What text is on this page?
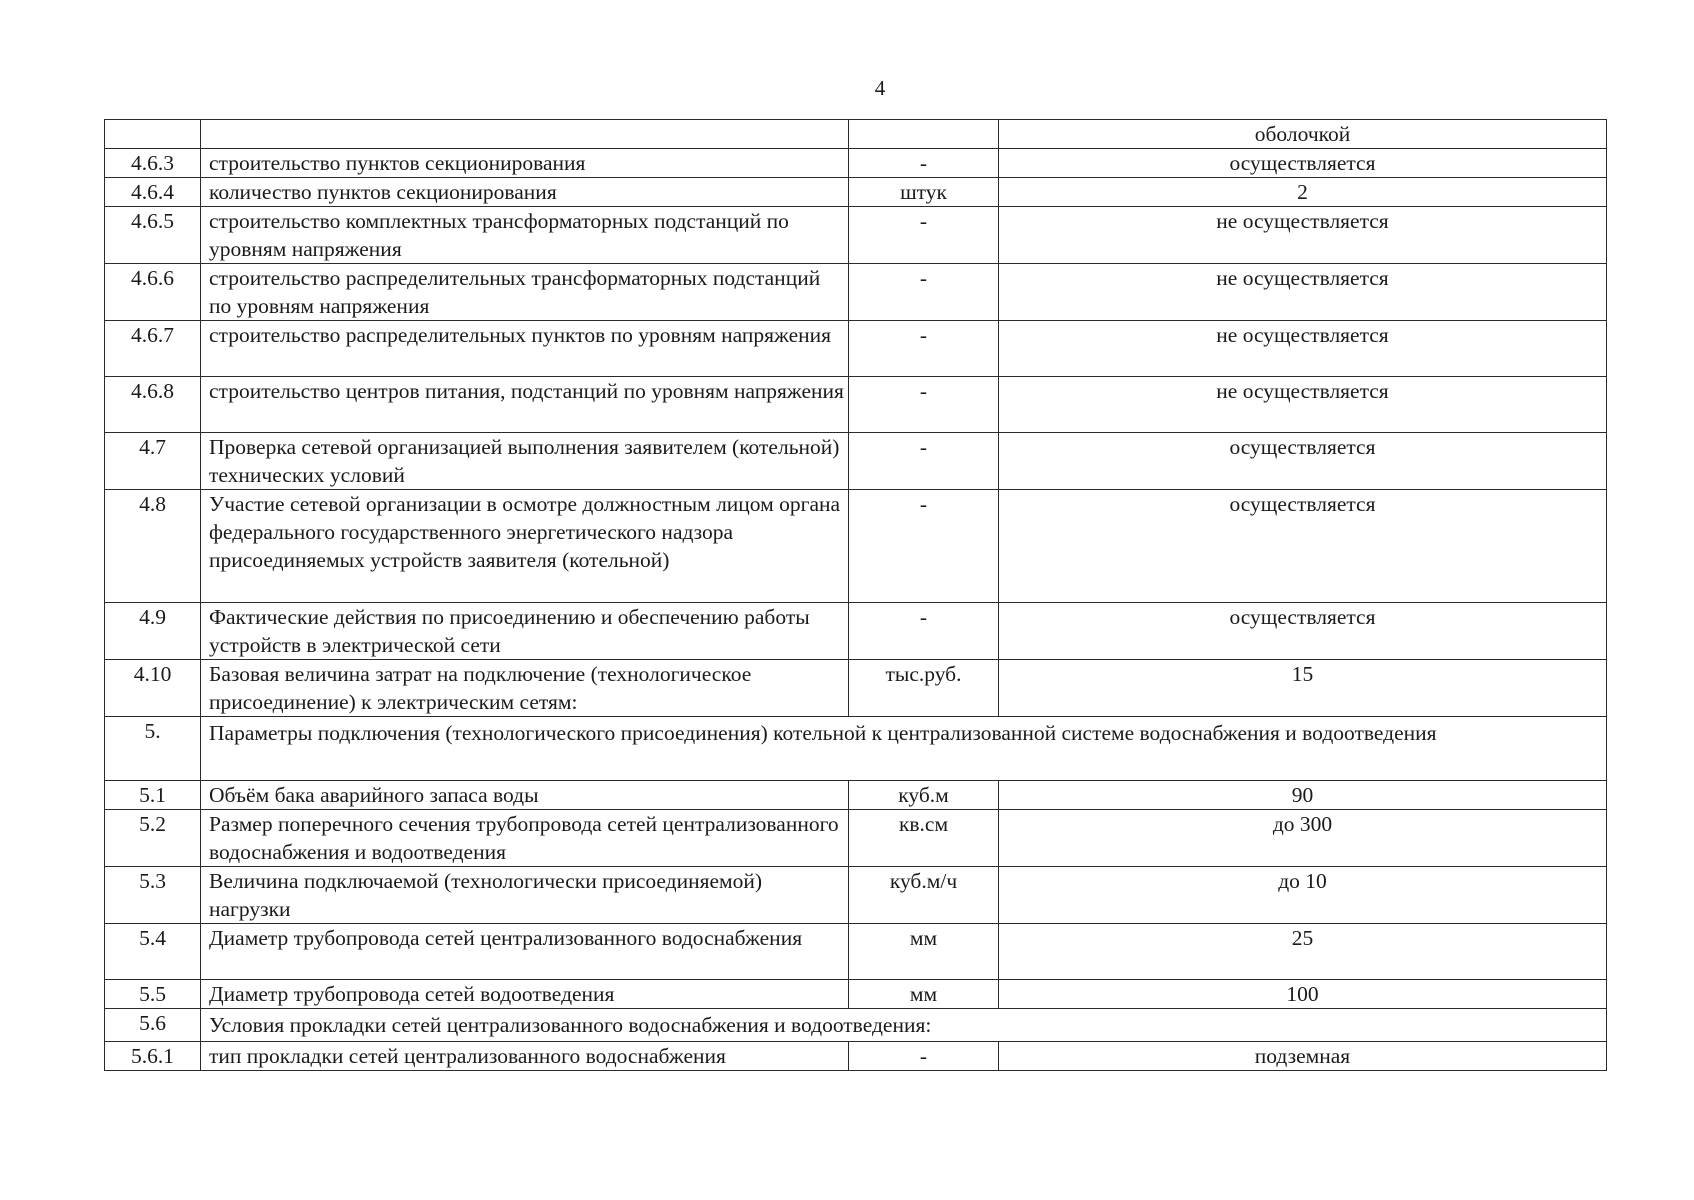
4
			оболочкой
4.6.3	строительство пунктов секционирования	-	осуществляется
4.6.4	количество пунктов секционирования	штук	2
4.6.5	строительство комплектных трансформаторных подстанций по уровням напряжения	-	не осуществляется
4.6.6	строительство распределительных трансформаторных подстанций по уровням напряжения	-	не осуществляется
4.6.7	строительство распределительных пунктов по уровням напряжения	-	не осуществляется
4.6.8	строительство центров питания, подстанций по уровням напряжения	-	не осуществляется
4.7	Проверка сетевой организацией выполнения заявителем (котельной) технических условий	-	осуществляется
4.8	Участие сетевой организации в осмотре должностным лицом органа федерального государственного энергетического надзора присоединяемых устройств заявителя (котельной)	-	осуществляется
4.9	Фактические действия по присоединению и обеспечению работы устройств в электрической сети	-	осуществляется
4.10	Базовая величина затрат на подключение (технологическое присоединение) к электрическим сетям:	тыс.руб.	15
5.	Параметры подключения (технологического присоединения) котельной к централизованной системе водоснабжения и водоотведения		
5.1	Объём бака аварийного запаса воды	куб.м	90
5.2	Размер поперечного сечения трубопровода сетей централизованного водоснабжения и водоотведения	кв.см	до 300
5.3	Величина подключаемой (технологически присоединяемой) нагрузки	куб.м/ч	до 10
5.4	Диаметр трубопровода сетей централизованного водоснабжения	мм	25
5.5	Диаметр трубопровода сетей водоотведения	мм	100
5.6	Условия прокладки сетей централизованного водоснабжения и водоотведения:		
5.6.1	тип прокладки сетей централизованного водоснабжения	-	подземная
